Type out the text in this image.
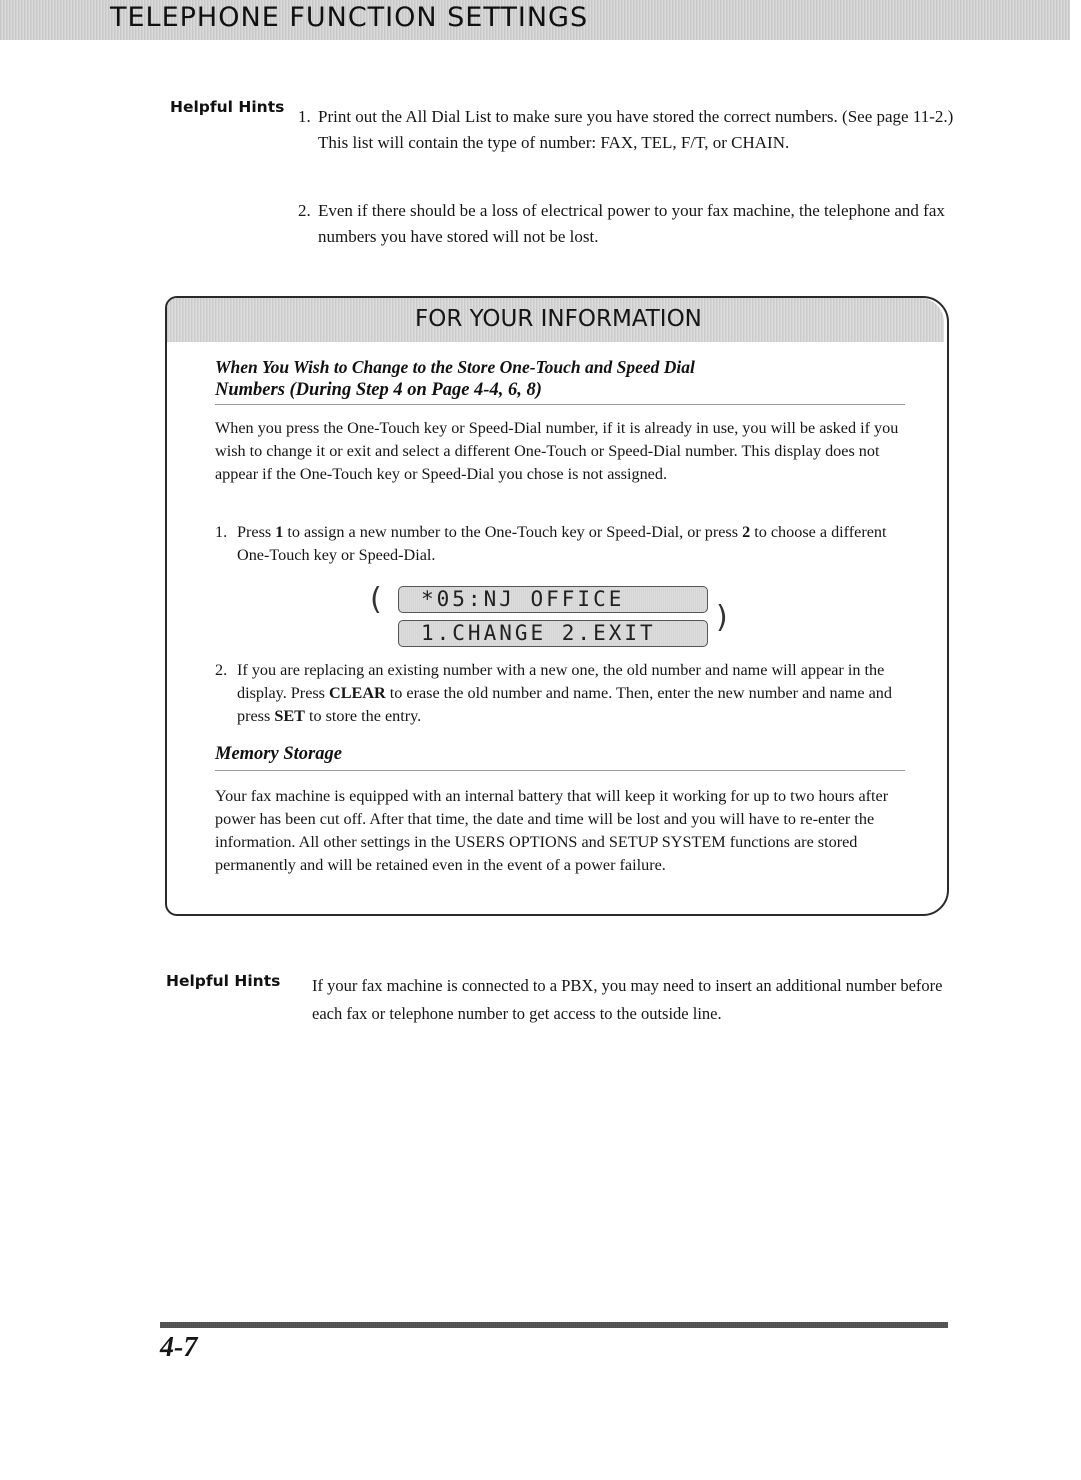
TELEPHONE FUNCTION SETTINGS
Helpful Hints 1. Print out the All Dial List to make sure you have stored the correct numbers. (See page 11-2.) This list will contain the type of number: FAX, TEL, F/T, or CHAIN.
2. Even if there should be a loss of electrical power to your fax machine, the telephone and fax numbers you have stored will not be lost.
FOR YOUR INFORMATION
When You Wish to Change to the Store One-Touch and Speed Dial
Numbers (During Step 4 on Page 4-4, 6, 8)
When you press the One-Touch key or Speed-Dial number, if it is already in use, you will be asked if you wish to change it or exit and select a different One-Touch or Speed-Dial number. This display does not appear if the One-Touch key or Speed-Dial you chose is not assigned.
1. Press 1 to assign a new number to the One-Touch key or Speed-Dial, or press 2 to choose a different One-Touch key or Speed-Dial.
(	*05:NJ OFFICE
1.CHANGE 2.EXIT	)
2. If you are replacing an existing number with a new one, the old number and name will appear in the display. Press CLEAR to erase the old number and name. Then, enter the new number and name and press SET to store the entry.
Memory Storage
Your fax machine is equipped with an internal battery that will keep it working for up to two hours after power has been cut off. After that time, the date and time will be lost and you will have to re-enter the information. All other settings in the USERS OPTIONS and SETUP SYSTEM functions are stored permanently and will be retained even in the event of a power failure.
Helpful Hints If your fax machine is connected to a PBX, you may need to insert an additional number before each fax or telephone number to get access to the outside line.
4-7
